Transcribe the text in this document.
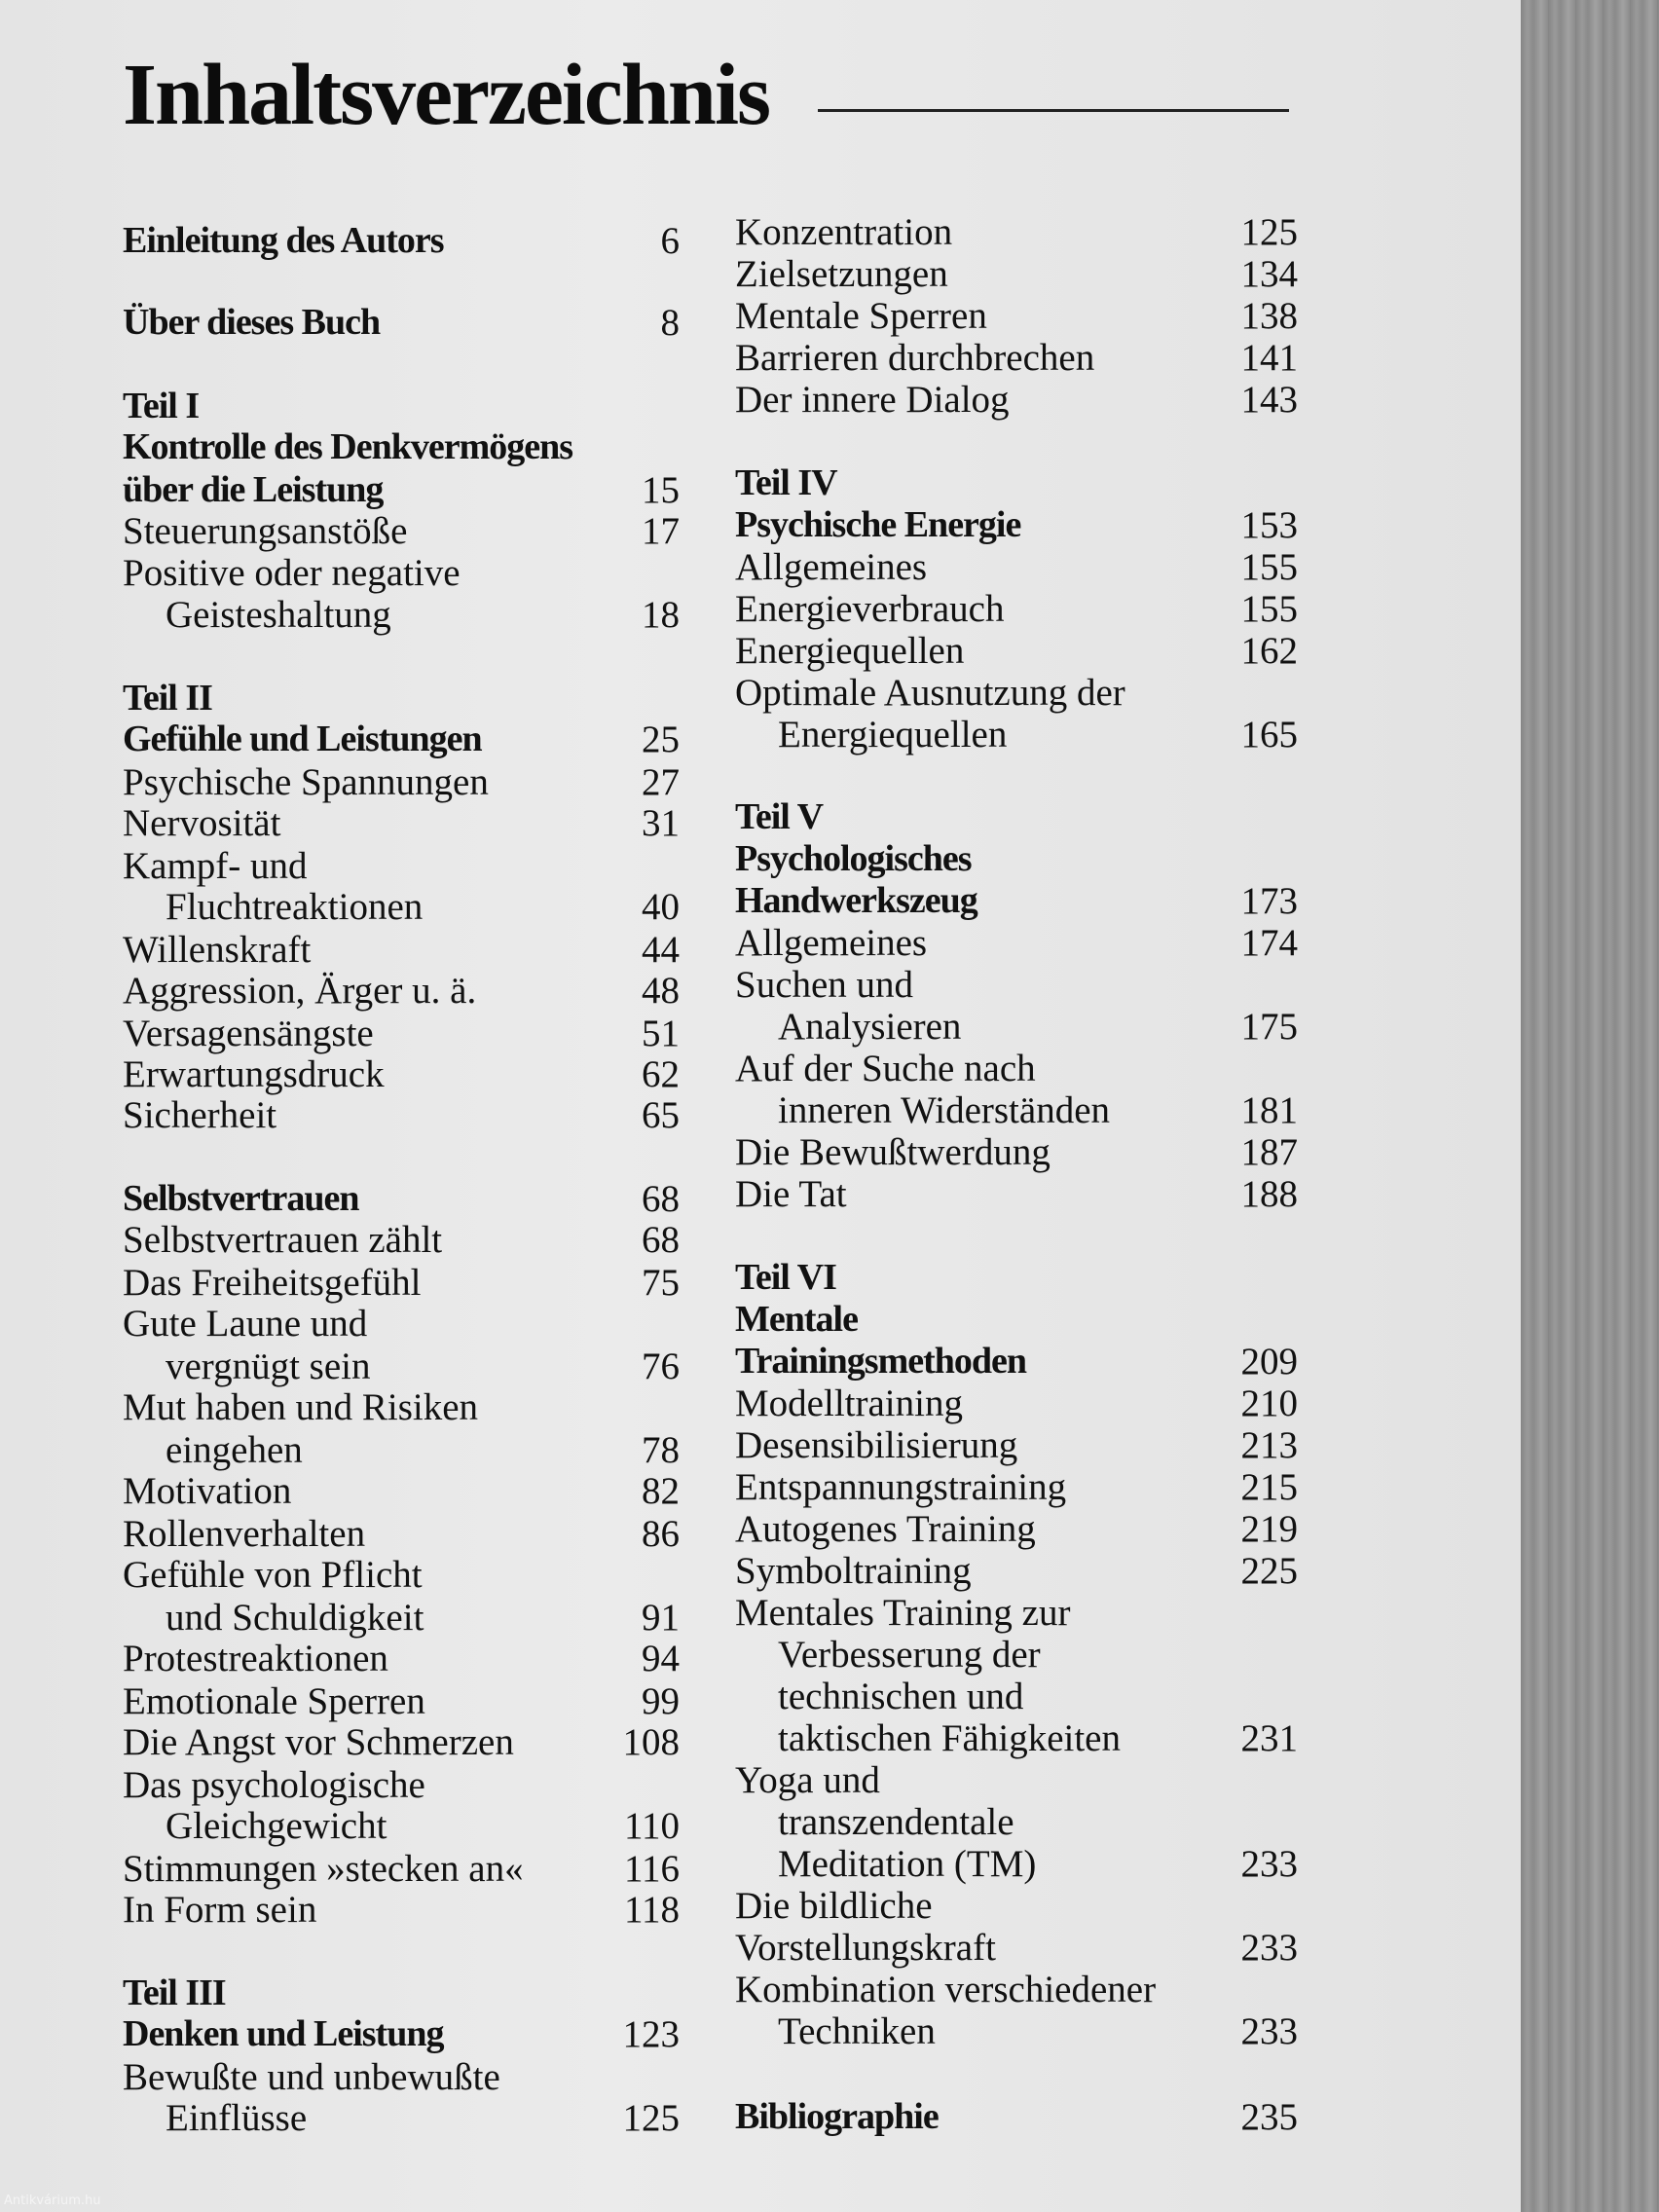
Inhaltsverzeichnis
Einleitung des Autors	6
Über dieses Buch	8
Teil I
Kontrolle des Denkvermögens
über die Leistung	15
Steuerungsanstöße	17
Positive oder negative
Geisteshaltung	18
Teil II
Gefühle und Leistungen	25
Psychische Spannungen	27
Nervosität	31
Kampf- und
Fluchtreaktionen	40
Willenskraft	44
Aggression, Ärger u. ä.	48
Versagensängste	51
Erwartungsdruck	62
Sicherheit	65
Selbstvertrauen	68
Selbstvertrauen zählt	68
Das Freiheitsgefühl	75
Gute Laune und
vergnügt sein	76
Mut haben und Risiken
eingehen	78
Motivation	82
Rollenverhalten	86
Gefühle von Pflicht
und Schuldigkeit	91
Protestreaktionen	94
Emotionale Sperren	99
Die Angst vor Schmerzen	108
Das psychologische
Gleichgewicht	110
Stimmungen »stecken an«	116
In Form sein	118
Teil III
Denken und Leistung	123
Bewußte und unbewußte
Einflüsse	125
Konzentration	125
Zielsetzungen	134
Mentale Sperren	138
Barrieren durchbrechen	141
Der innere Dialog	143
Teil IV
Psychische Energie	153
Allgemeines	155
Energieverbrauch	155
Energiequellen	162
Optimale Ausnutzung der
Energiequellen	165
Teil V
Psychologisches
Handwerkszeug	173
Allgemeines	174
Suchen und
Analysieren	175
Auf der Suche nach
inneren Widerständen	181
Die Bewußtwerdung	187
Die Tat	188
Teil VI
Mentale
Trainingsmethoden	209
Modelltraining	210
Desensibilisierung	213
Entspannungstraining	215
Autogenes Training	219
Symboltraining	225
Mentales Training zur
Verbesserung der
technischen und
taktischen Fähigkeiten	231
Yoga und
transzendentale
Meditation (TM)	233
Die bildliche
Vorstellungskraft	233
Kombination verschiedener
Techniken	233
Bibliographie	235
Antikvárium.hu
